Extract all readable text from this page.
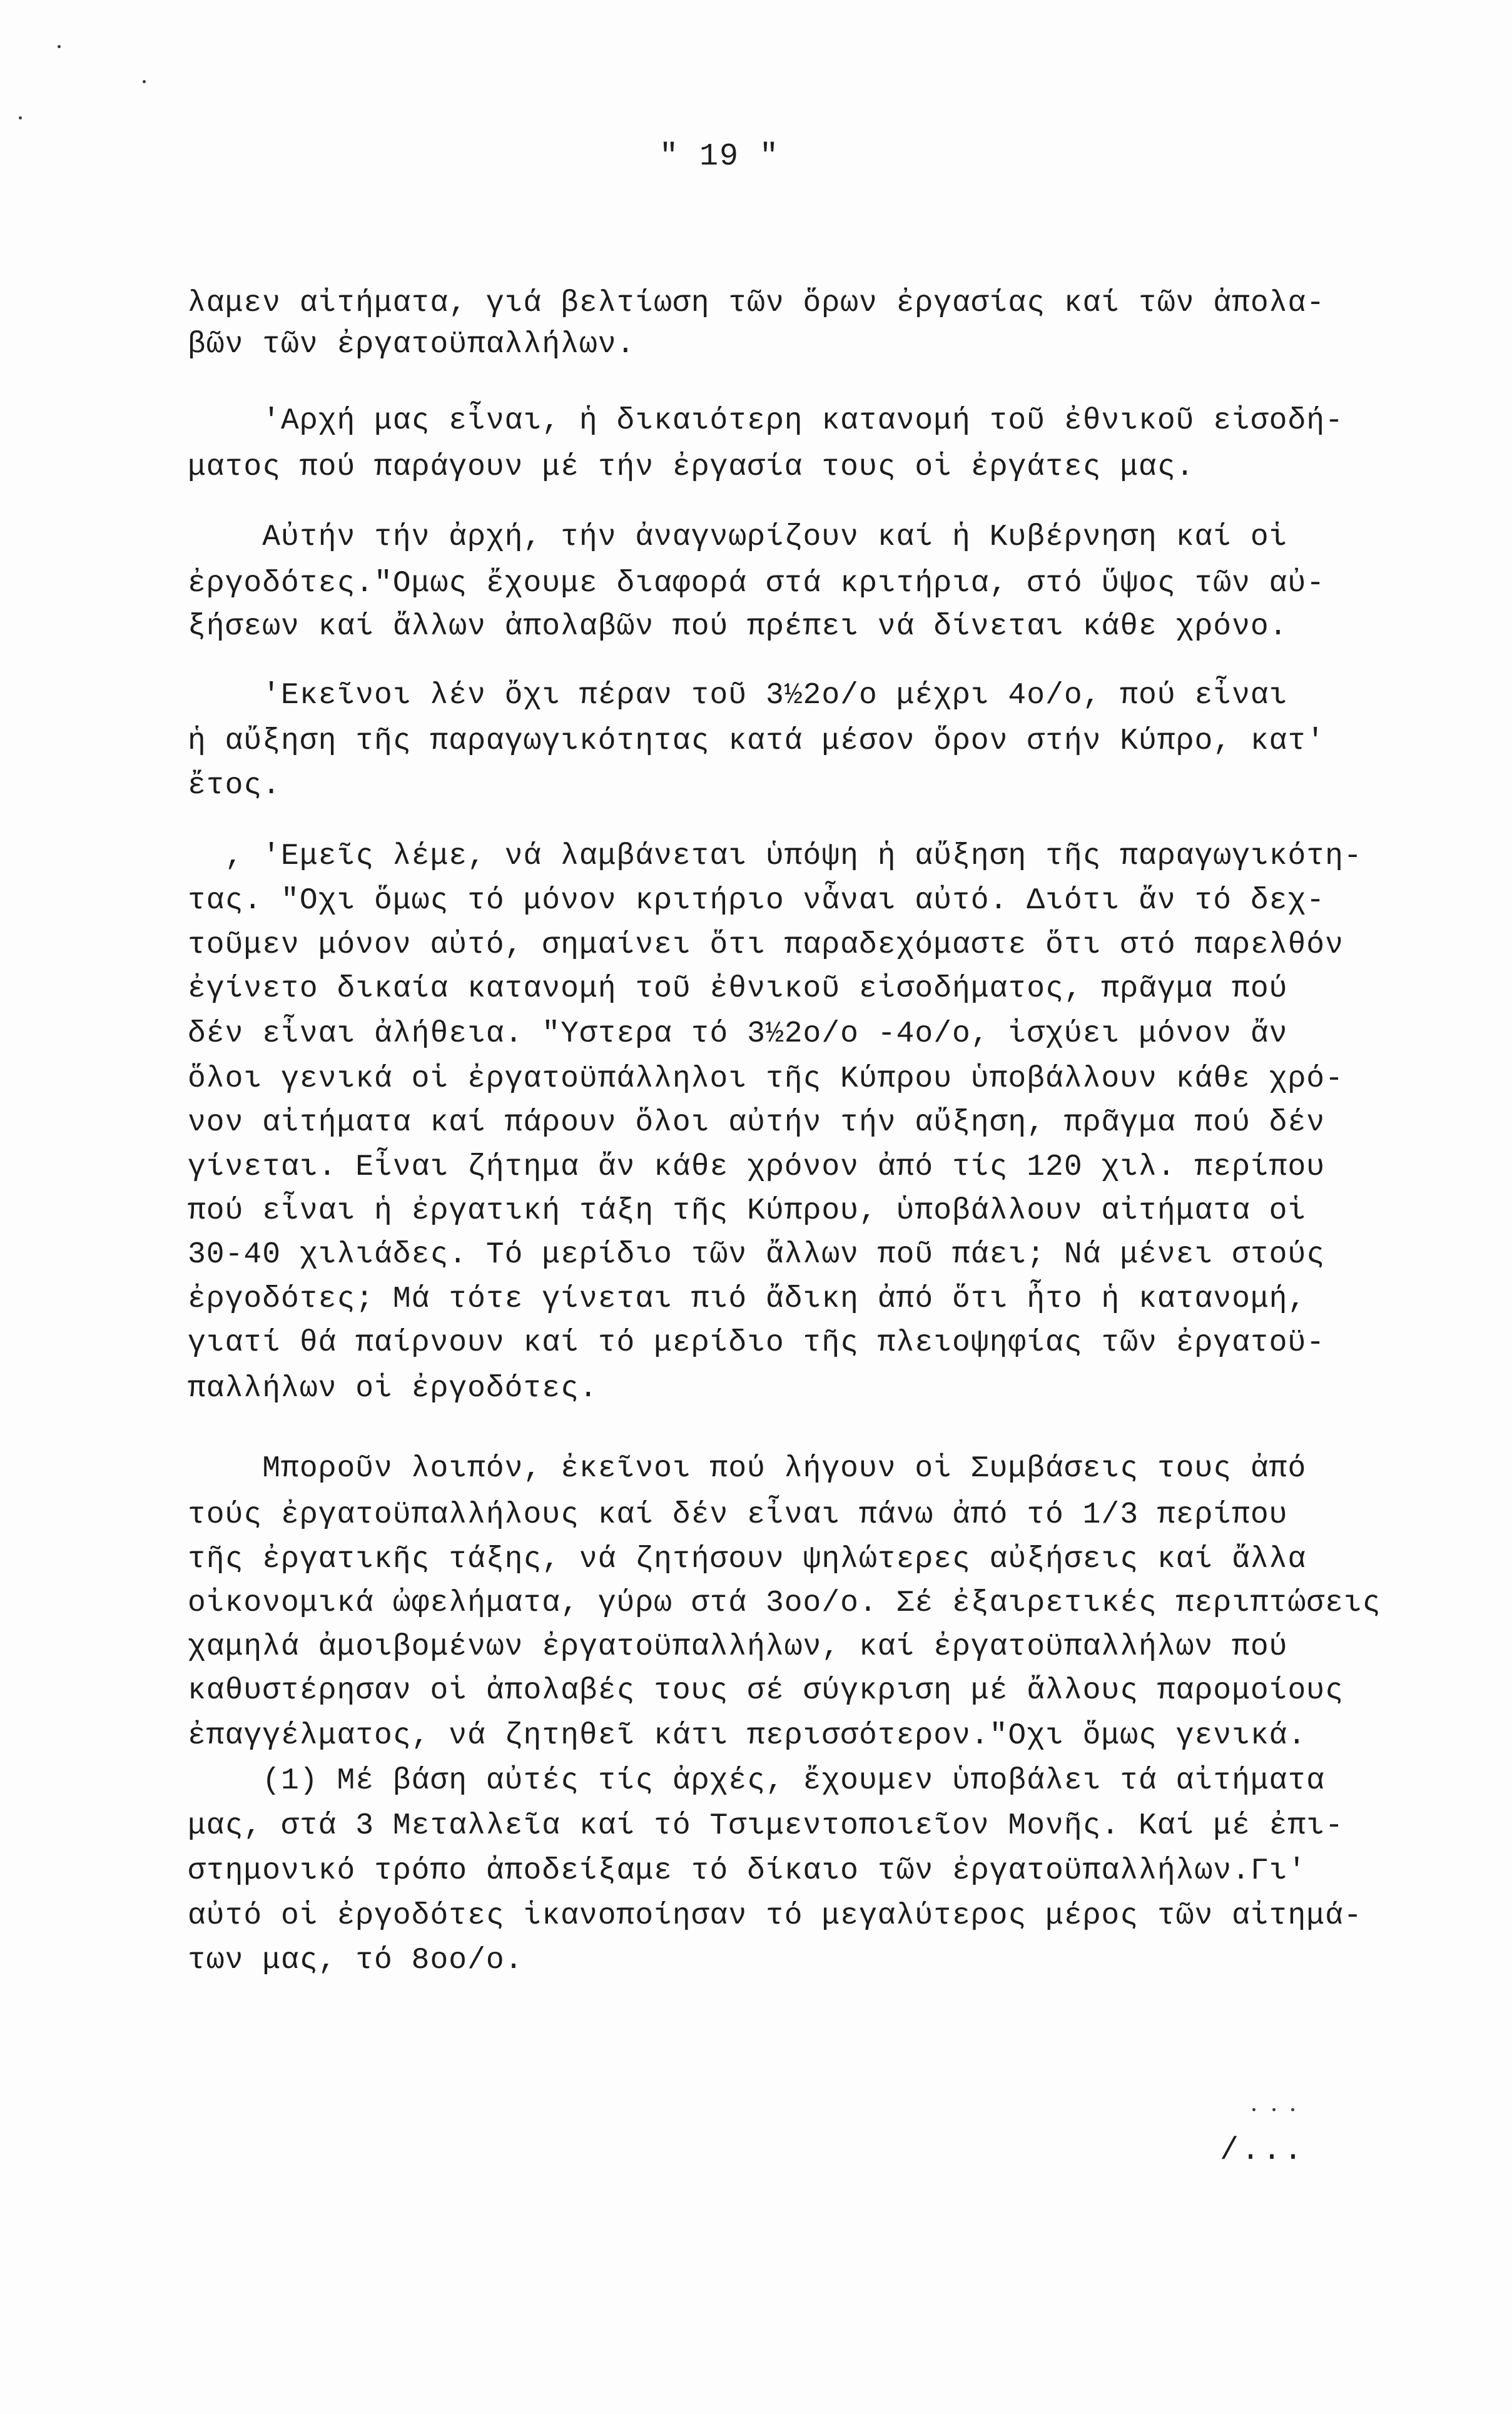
" 19 "
λαμεν αἰτήματα, γιά βελτίωση τῶν ὅρων ἐργασίας καί τῶν ἀπολα-
βῶν τῶν ἐργατοϋπαλλήλων.
'Αρχή μας εἶναι, ἡ δικαιότερη κατανομή τοῦ ἐθνικοῦ εἰσοδή-
ματος πού παράγουν μέ τήν ἐργασία τους οἱ ἐργάτες μας.
Αὐτήν τήν ἀρχή, τήν ἀναγνωρίζουν καί ἡ Κυβέρνηση καί οἱ
ἐργοδότες."Ομως ἔχουμε διαφορά στά κριτήρια, στό ὕψος τῶν αὐ-
ξήσεων καί ἄλλων ἀπολαβῶν πού πρέπει νά δίνεται κάθε χρόνο.
'Εκεῖνοι λέν ὄχι πέραν τοῦ 3½2ο/ο μέχρι 4ο/ο, πού εἶναι
ἡ αὔξηση τῆς παραγωγικότητας κατά μέσον ὅρον στήν Κύπρο, κατ'
ἔτος.
, 'Εμεῖς λέμε, νά λαμβάνεται ὑπόψη ἡ αὔξηση τῆς παραγωγικότη-
τας. "Οχι ὅμως τό μόνον κριτήριο νἆναι αὐτό. Διότι ἄν τό δεχ-
τοῦμεν μόνον αὐτό, σημαίνει ὅτι παραδεχόμαστε ὅτι στό παρελθόν
ἐγίνετο δικαία κατανομή τοῦ ἐθνικοῦ εἰσοδήματος, πρᾶγμα πού
δέν εἶναι ἀλήθεια. "Υστερα τό 3½2ο/ο -4ο/ο, ἰσχύει μόνον ἄν
ὅλοι γενικά οἱ ἐργατοϋπάλληλοι τῆς Κύπρου ὑποβάλλουν κάθε χρό-
νον αἰτήματα καί πάρουν ὅλοι αὐτήν τήν αὔξηση, πρᾶγμα πού δέν
γίνεται. Εἶναι ζήτημα ἄν κάθε χρόνον ἀπό τίς 120 χιλ. περίπου
πού εἶναι ἡ ἐργατική τάξη τῆς Κύπρου, ὑποβάλλουν αἰτήματα οἱ
30-40 χιλιάδες. Τό μερίδιο τῶν ἄλλων ποῦ πάει; Νά μένει στούς
ἐργοδότες; Μά τότε γίνεται πιό ἄδικη ἀπό ὅτι ἦτο ἡ κατανομή,
γιατί θά παίρνουν καί τό μερίδιο τῆς πλειοψηφίας τῶν ἐργατοϋ-
παλλήλων οἱ ἐργοδότες.
Μποροῦν λοιπόν, ἐκεῖνοι πού λήγουν οἱ Συμβάσεις τους ἀπό
τούς ἐργατοϋπαλλήλους καί δέν εἶναι πάνω ἀπό τό 1/3 περίπου
τῆς ἐργατικῆς τάξης, νά ζητήσουν ψηλώτερες αὐξήσεις καί ἄλλα
οἰκονομικά ὠφελήματα, γύρω στά 3οο/ο. Σέ ἐξαιρετικές περιπτώσεις
χαμηλά ἀμοιβομένων ἐργατοϋπαλλήλων, καί ἐργατοϋπαλλήλων πού
καθυστέρησαν οἱ ἀπολαβές τους σέ σύγκριση μέ ἄλλους παρομοίους
ἐπαγγέλματος, νά ζητηθεῖ κάτι περισσότερον."Οχι ὅμως γενικά.
(1) Μέ βάση αὐτές τίς ἀρχές, ἔχουμεν ὑποβάλει τά αἰτήματα
μας, στά 3 Μεταλλεῖα καί τό Τσιμεντοποιεῖον Μονῆς. Καί μέ ἐπι-
στημονικό τρόπο ἀποδείξαμε τό δίκαιο τῶν ἐργατοϋπαλλήλων.Γι'
αὐτό οἱ ἐργοδότες ἱκανοποίησαν τό μεγαλύτερος μέρος τῶν αἰτημά-
των μας, τό 8οο/ο.
/...
